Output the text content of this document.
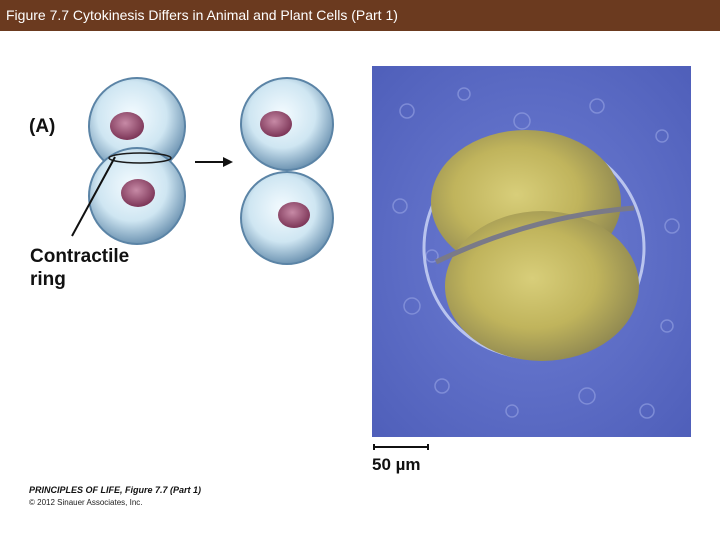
Figure 7.7 Cytokinesis Differs in Animal and Plant Cells (Part 1)
(A)
Contractile
ring
50 µm
PRINCIPLES OF LIFE, Figure 7.7 (Part 1)
© 2012 Sinauer Associates, Inc.
